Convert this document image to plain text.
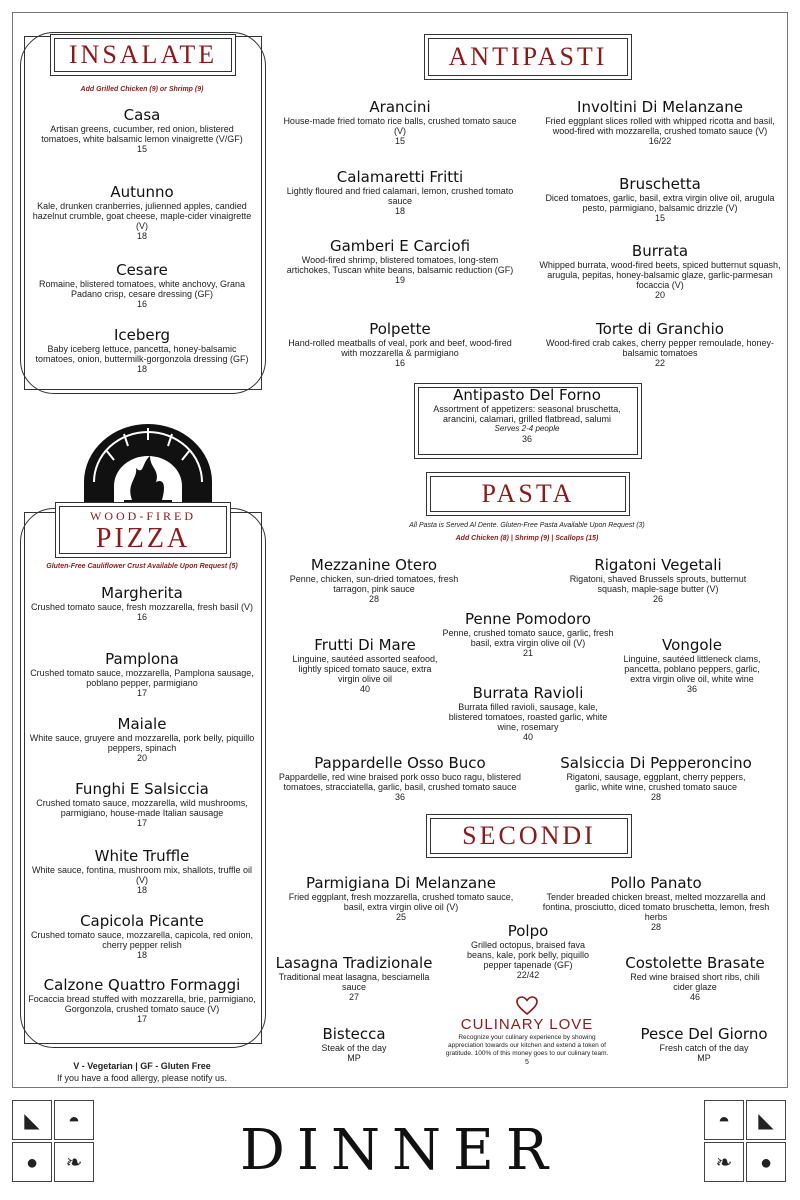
INSALATE
Add Grilled Chicken (9) or Shrimp (9)
Casa
Artisan greens, cucumber, red onion, blistered tomatoes, white balsamic lemon vinaigrette (V/GF)
15
Autunno
Kale, drunken cranberries, julienned apples, candied hazelnut crumble, goat cheese, maple-cider vinaigrette (V)
18
Cesare
Romaine, blistered tomatoes, white anchovy, Grana Padano crisp, cesare dressing (GF)
16
Iceberg
Baby iceberg lettuce, pancetta, honey-balsamic tomatoes, onion, buttermilk-gorgonzola dressing (GF)
18
WOOD-FIRED
PIZZA
Gluten-Free Cauliflower Crust Available Upon Request (5)
Margherita
Crushed tomato sauce, fresh mozzarella, fresh basil (V)
16
Pamplona
Crushed tomato sauce, mozzarella, Pamplona sausage, poblano pepper, parmigiano
17
Maiale
White sauce, gruyere and mozzarella, pork belly, piquillo peppers, spinach
20
Funghi E Salsiccia
Crushed tomato sauce, mozzarella, wild mushrooms, parmigiano, house-made Italian sausage
17
White Truffle
White sauce, fontina, mushroom mix, shallots, truffle oil (V)
18
Capicola Picante
Crushed tomato sauce, mozzarella, capicola, red onion, cherry pepper relish
18
Calzone Quattro Formaggi
Focaccia bread stuffed with mozzarella, brie, parmigiano, Gorgonzola, crushed tomato sauce (V)
17
V - Vegetarian | GF - Gluten Free
If you have a food allergy, please notify us.
ANTIPASTI
Arancini
House-made fried tomato rice balls, crushed tomato sauce (V)
15
Involtini Di Melanzane
Fried eggplant slices rolled with whipped ricotta and basil, wood-fired with mozzarella, crushed tomato sauce (V)
16/22
Calamaretti Fritti
Lightly floured and fried calamari, lemon, crushed tomato sauce
18
Bruschetta
Diced tomatoes, garlic, basil, extra virgin olive oil, arugula pesto, parmigiano, balsamic drizzle (V)
15
Gamberi E Carciofi
Wood-fired shrimp, blistered tomatoes, long-stem artichokes, Tuscan white beans, balsamic reduction (GF)
19
Burrata
Whipped burrata, wood-fired beets, spiced butternut squash, arugula, pepitas, honey-balsamic glaze, garlic-parmesan focaccia (V)
20
Polpette
Hand-rolled meatballs of veal, pork and beef, wood-fired with mozzarella & parmigiano
16
Torte di Granchio
Wood-fired crab cakes, cherry pepper remoulade, honey-balsamic tomatoes
22
Antipasto Del Forno
Assortment of appetizers: seasonal bruschetta, arancini, calamari, grilled flatbread, salumi
Serves 2-4 people
36
PASTA
All Pasta is Served Al Dente. Gluten-Free Pasta Available Upon Request (3)
Add Chicken (8) | Shrimp (9) | Scallops (15)
Mezzanine Otero
Penne, chicken, sun-dried tomatoes, fresh tarragon, pink sauce
28
Rigatoni Vegetali
Rigatoni, shaved Brussels sprouts, butternut squash, maple-sage butter (V)
26
Penne Pomodoro
Penne, crushed tomato sauce, garlic, fresh basil, extra virgin olive oil (V)
21
Frutti Di Mare
Linguine, sautéed assorted seafood, lightly spiced tomato sauce, extra virgin olive oil
40
Vongole
Linguine, sautéed littleneck clams, pancetta, poblano peppers, garlic, extra virgin olive oil, white wine
36
Burrata Ravioli
Burrata filled ravioli, sausage, kale, blistered tomatoes, roasted garlic, white wine, rosemary
40
Pappardelle Osso Buco
Pappardelle, red wine braised pork osso buco ragu, blistered tomatoes, stracciatella, garlic, basil, crushed tomato sauce
36
Salsiccia Di Pepperoncino
Rigatoni, sausage, eggplant, cherry peppers, garlic, white wine, crushed tomato sauce
28
SECONDI
Parmigiana Di Melanzane
Fried eggplant, fresh mozzarella, crushed tomato sauce, basil, extra virgin olive oil (V)
25
Pollo Panato
Tender breaded chicken breast, melted mozzarella and fontina, prosciutto, diced tomato bruschetta, lemon, fresh herbs
28
Polpo
Grilled octopus, braised fava beans, kale, pork belly, piquillo pepper tapenade (GF)
22/42
Lasagna Tradizionale
Traditional meat lasagna, besciamella sauce
27
Costolette Brasate
Red wine braised short ribs, chili cider glaze
46
Bistecca
Steak of the day
MP
Pesce Del Giorno
Fresh catch of the day
MP
CULINARY LOVE
Recognize your culinary experience by showing appreciation towards our kitchen and extend a token of gratitude. 100% of this money goes to our culinary team.
5
◣	◓
●	❧
◓	◣
❧	●
DINNER
